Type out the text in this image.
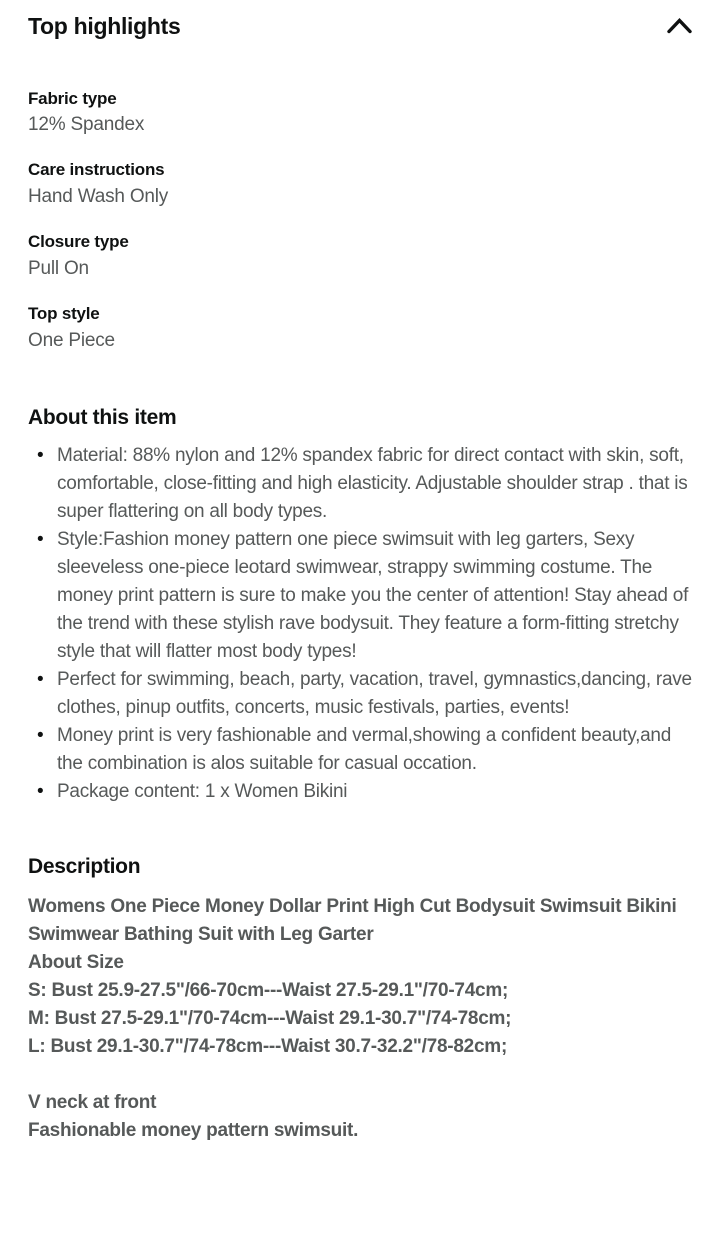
Top highlights
Fabric type
12% Spandex
Care instructions
Hand Wash Only
Closure type
Pull On
Top style
One Piece
About this item
• Material: 88% nylon and 12% spandex fabric for direct contact with skin, soft, comfortable, close-fitting and high elasticity. Adjustable shoulder strap . that is super flattering on all body types.
• Style:Fashion money pattern one piece swimsuit with leg garters, Sexy sleeveless one-piece leotard swimwear, strappy swimming costume. The money print pattern is sure to make you the center of attention! Stay ahead of the trend with these stylish rave bodysuit. They feature a form-fitting stretchy style that will flatter most body types!
• Perfect for swimming, beach, party, vacation, travel, gymnastics,dancing, rave clothes, pinup outfits, concerts, music festivals, parties, events!
• Money print is very fashionable and vermal,showing a confident beauty,and the combination is alos suitable for casual occation.
• Package content: 1 x Women Bikini
Description
Womens One Piece Money Dollar Print High Cut Bodysuit Swimsuit Bikini Swimwear Bathing Suit with Leg Garter
About Size
S: Bust 25.9-27.5"/66-70cm---Waist 27.5-29.1"/70-74cm;
M: Bust 27.5-29.1"/70-74cm---Waist 29.1-30.7"/74-78cm;
L: Bust 29.1-30.7"/74-78cm---Waist 30.7-32.2"/78-82cm;
V neck at front
Fashionable money pattern swimsuit.
